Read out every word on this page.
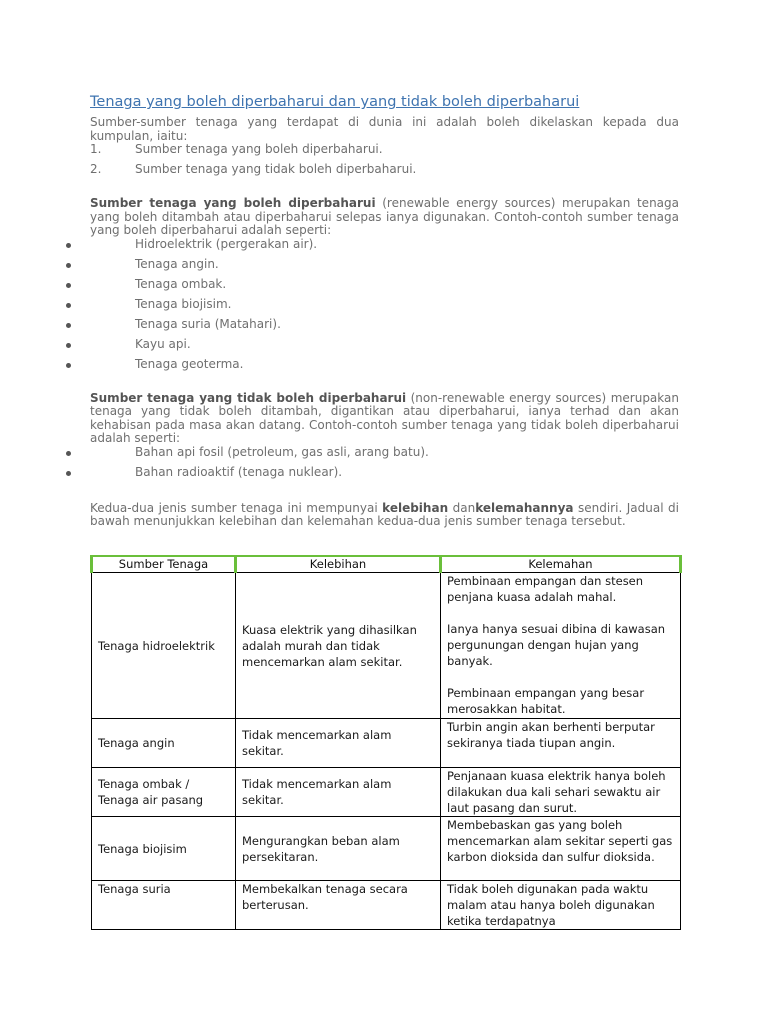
Tenaga yang boleh diperbaharui dan yang tidak boleh diperbaharui

Sumber-sumber tenaga yang terdapat di dunia ini adalah boleh dikelaskan kepada dua kumpulan, iaitu:

1.	Sumber tenaga yang boleh diperbaharui.
2.	Sumber tenaga yang tidak boleh diperbaharui.

Sumber tenaga yang boleh diperbaharui (renewable energy sources) merupakan tenaga yang boleh ditambah atau diperbaharui selepas ianya digunakan. Contoh-contoh sumber tenaga yang boleh diperbaharui adalah seperti:

Hidroelektrik (pergerakan air).
Tenaga angin.
Tenaga ombak.
Tenaga biojisim.
Tenaga suria (Matahari).
Kayu api.
Tenaga geoterma.

Sumber tenaga yang tidak boleh diperbaharui (non-renewable energy sources) merupakan tenaga yang tidak boleh ditambah, digantikan atau diperbaharui, ianya terhad dan akan kehabisan pada masa akan datang. Contoh-contoh sumber tenaga yang tidak boleh diperbaharui adalah seperti:

Bahan api fosil (petroleum, gas asli, arang batu).
Bahan radioaktif (tenaga nuklear).

Kedua-dua jenis sumber tenaga ini mempunyai kelebihan dankelemahannya sendiri. Jadual di bawah menunjukkan kelebihan dan kelemahan kedua-dua jenis sumber tenaga tersebut.

Sumber Tenaga	Kelebihan	Kelemahan
Tenaga hidroelektrik	Kuasa elektrik yang dihasilkan adalah murah dan tidak mencemarkan alam sekitar.	Pembinaan empangan dan stesen penjana kuasa adalah mahal.

Ianya hanya sesuai dibina di kawasan pergunungan dengan hujan yang banyak.

Pembinaan empangan yang besar merosakkan habitat.

Tenaga angin	Tidak mencemarkan alam sekitar.	Turbin angin akan berhenti berputar sekiranya tiada tiupan angin.

Tenaga ombak / Tenaga air pasang	Tidak mencemarkan alam sekitar.	Penjanaan kuasa elektrik hanya boleh dilakukan dua kali sehari sewaktu air laut pasang dan surut.

Tenaga biojisim	Mengurangkan beban alam persekitaran.	Membebaskan gas yang boleh mencemarkan alam sekitar seperti gas karbon dioksida dan sulfur dioksida.

Tenaga suria	Membekalkan tenaga secara berterusan.	Tidak boleh digunakan pada waktu malam atau hanya boleh digunakan ketika terdapatnya
